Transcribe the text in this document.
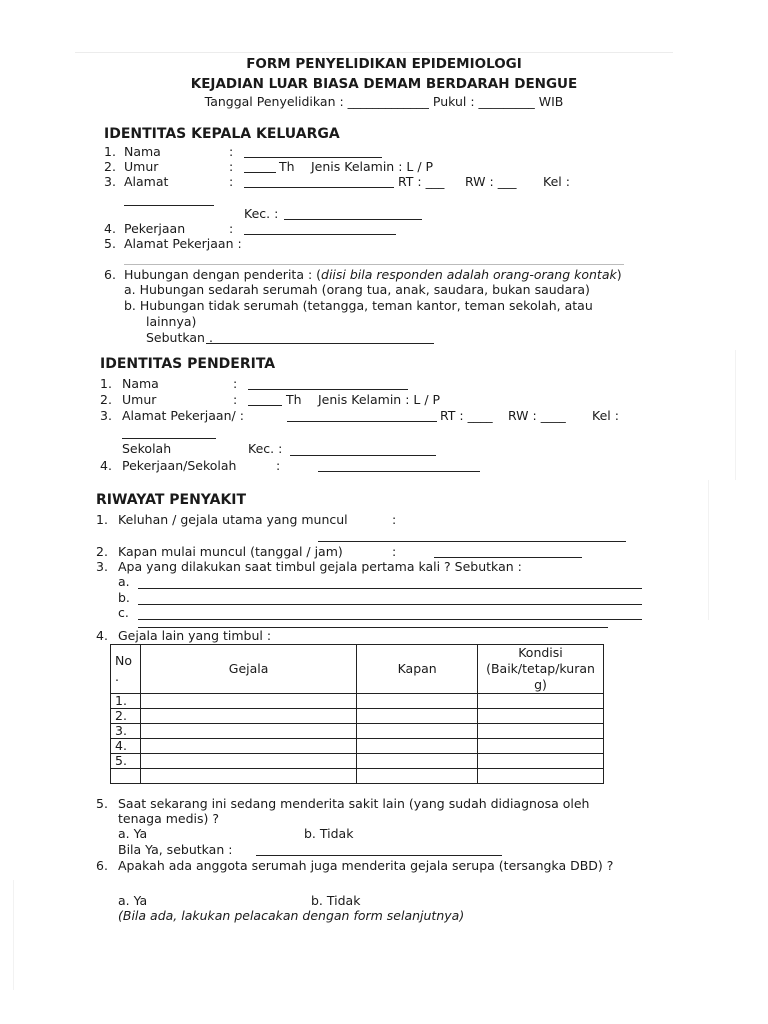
FORM PENYELIDIKAN EPIDEMIOLOGI
KEJADIAN LUAR BIASA DEMAM BERDARAH DENGUE
Tanggal Penyelidikan : _____________ Pukul : _________ WIB
IDENTITAS KEPALA KELUARGA
1. Nama	:
2. Umur	:	Th Jenis Kelamin : L / P
3. Alamat	:	RT : ___ RW : ___ Kel :
Kec. :
4. Pekerjaan	:
5. Alamat Pekerjaan :
6. Hubungan dengan penderita : (diisi bila responden adalah orang-orang kontak)
a. Hubungan sedarah serumah (orang tua, anak, saudara, bukan saudara)
b. Hubungan tidak serumah (tetangga, teman kantor, teman sekolah, atau
lainnya)
Sebutkan .
IDENTITAS PENDERITA
1. Nama	:
2. Umur	:	Th Jenis Kelamin : L / P
3. Alamat Pekerjaan/ :	RT : ____ RW : ____ Kel :
Sekolah	Kec. :
4. Pekerjaan/Sekolah	:
RIWAYAT PENYAKIT
1. Keluhan / gejala utama yang muncul	:
2. Kapan mulai muncul (tanggal / jam)	:
3. Apa yang dilakukan saat timbul gejala pertama kali ? Sebutkan :
a.
b.
c.
4. Gejala lain yang timbul :
No
.	Gejala	Kapan	Kondisi
(Baik/tetap/kuran
g)
1.			
2.			
3.			
4.			
5.			

5. Saat sekarang ini sedang menderita sakit lain (yang sudah didiagnosa oleh
tenaga medis) ?
a. Ya	b. Tidak
Bila Ya, sebutkan :
6. Apakah ada anggota serumah juga menderita gejala serupa (tersangka DBD) ?
a. Ya	b. Tidak
(Bila ada, lakukan pelacakan dengan form selanjutnya)
